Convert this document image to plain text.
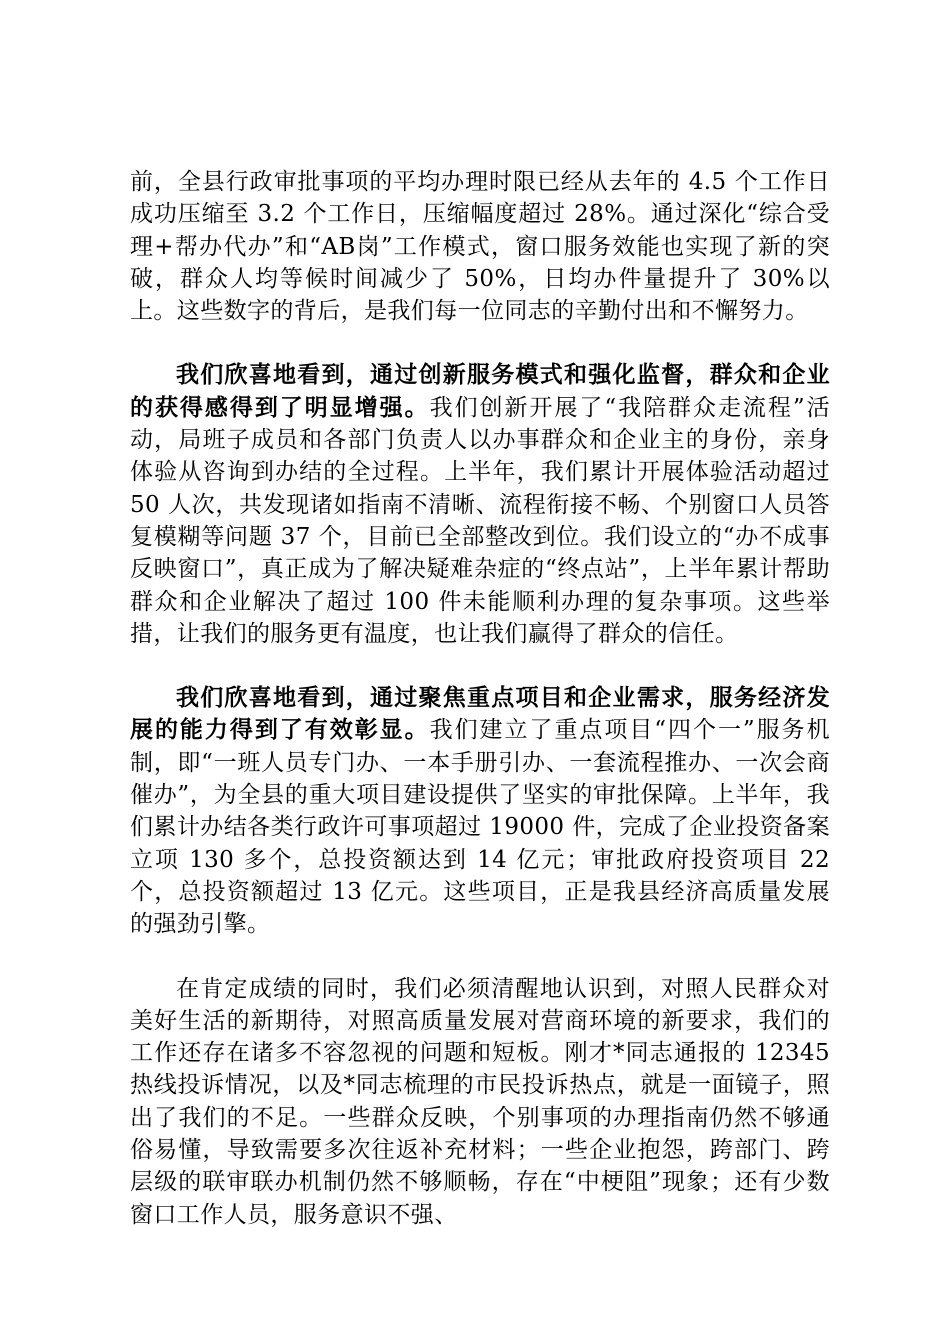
前，全县行政审批事项的平均办理时限已经从去年的 4.5 个工作日成功压缩至 3.2 个工作日，压缩幅度超过 28%。通过深化“综合受理+帮办代办”和“AB岗”工作模式，窗口服务效能也实现了新的突破，群众人均等候时间减少了 50%，日均办件量提升了 30%以上。这些数字的背后，是我们每一位同志的辛勤付出和不懈努力。

我们欣喜地看到，通过创新服务模式和强化监督，群众和企业的获得感得到了明显增强。我们创新开展了“我陪群众走流程”活动，局班子成员和各部门负责人以办事群众和企业主的身份，亲身体验从咨询到办结的全过程。上半年，我们累计开展体验活动超过 50 人次，共发现诸如指南不清晰、流程衔接不畅、个别窗口人员答复模糊等问题 37 个，目前已全部整改到位。我们设立的“办不成事反映窗口”，真正成为了解决疑难杂症的“终点站”，上半年累计帮助群众和企业解决了超过 100 件未能顺利办理的复杂事项。这些举措，让我们的服务更有温度，也让我们赢得了群众的信任。

我们欣喜地看到，通过聚焦重点项目和企业需求，服务经济发展的能力得到了有效彰显。我们建立了重点项目“四个一”服务机制，即“一班人员专门办、一本手册引办、一套流程推办、一次会商催办”，为全县的重大项目建设提供了坚实的审批保障。上半年，我们累计办结各类行政许可事项超过 19000 件，完成了企业投资备案立项 130 多个，总投资额达到 14 亿元；审批政府投资项目 22 个，总投资额超过 13 亿元。这些项目，正是我县经济高质量发展的强劲引擎。

在肯定成绩的同时，我们必须清醒地认识到，对照人民群众对美好生活的新期待，对照高质量发展对营商环境的新要求，我们的工作还存在诸多不容忽视的问题和短板。刚才*同志通报的 12345 热线投诉情况，以及*同志梳理的市民投诉热点，就是一面镜子，照出了我们的不足。一些群众反映，个别事项的办理指南仍然不够通俗易懂，导致需要多次往返补充材料；一些企业抱怨，跨部门、跨层级的联审联办机制仍然不够顺畅，存在“中梗阻”现象；还有少数窗口工作人员，服务意识不强、
